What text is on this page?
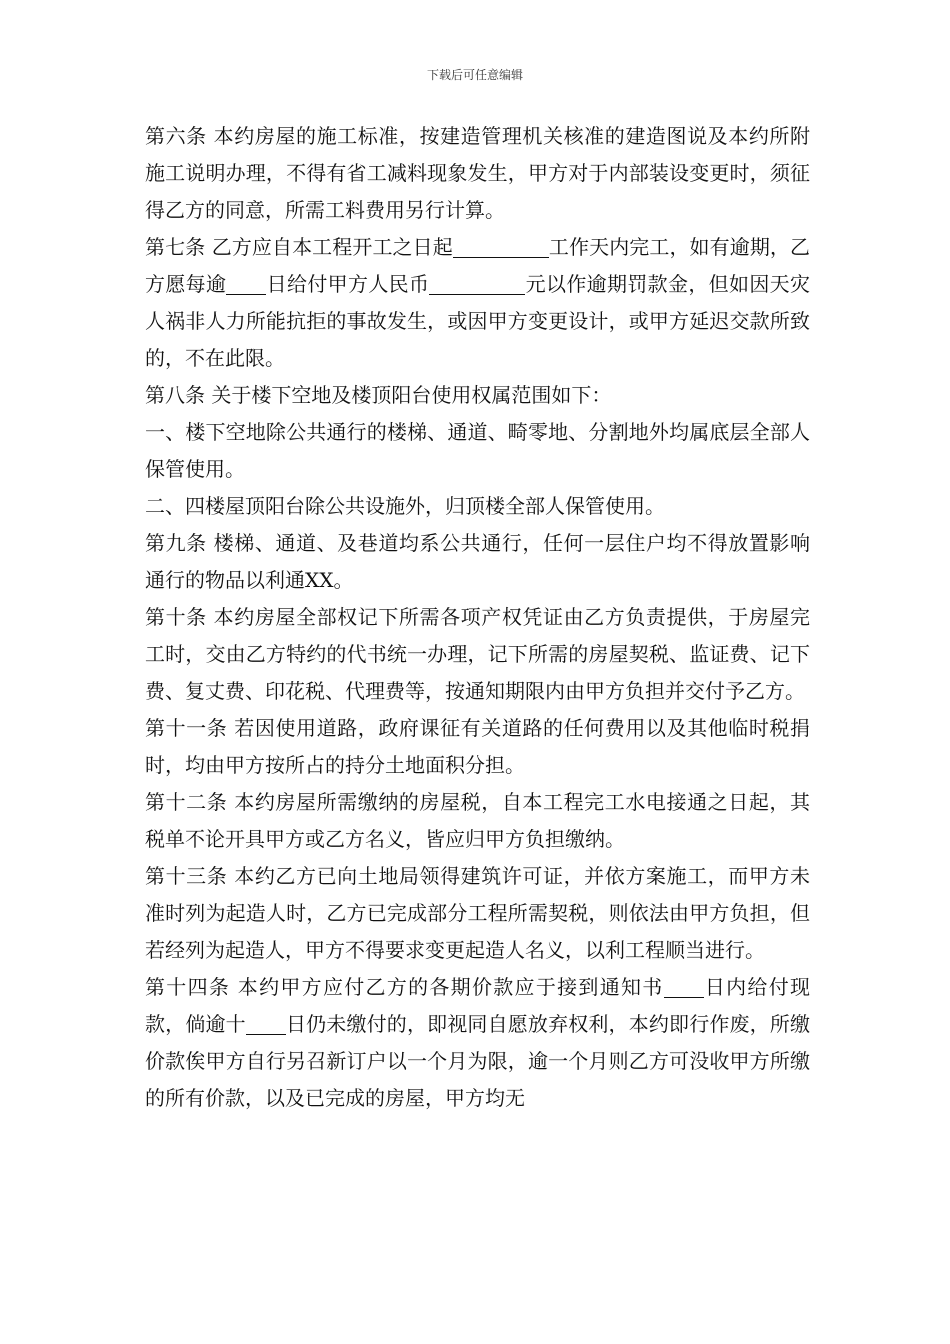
下载后可任意编辑

第六条 本约房屋的施工标准，按建造管理机关核准的建造图说及本约所附施工说明办理，不得有省工减料现象发生，甲方对于内部装设变更时，须征得乙方的同意，所需工料费用另行计算。

第七条 乙方应自本工程开工之日起	工作天内完工，如有逾期，乙方愿每逾 日给付甲方人民币	元以作逾期罚款金，但如因天灾人祸非人力所能抗拒的事故发生，或因甲方变更设计，或甲方延迟交款所致的，不在此限。

第八条 关于楼下空地及楼顶阳台使用权属范围如下：

一、楼下空地除公共通行的楼梯、通道、畸零地、分割地外均属底层全部人保管使用。

二、四楼屋顶阳台除公共设施外，归顶楼全部人保管使用。

第九条 楼梯、通道、及巷道均系公共通行，任何一层住户均不得放置影响通行的物品以利通XX。

第十条 本约房屋全部权记下所需各项产权凭证由乙方负责提供，于房屋完工时，交由乙方特约的代书统一办理，记下所需的房屋契税、监证费、记下费、复丈费、印花税、代理费等，按通知期限内由甲方负担并交付予乙方。

第十一条 若因使用道路，政府课征有关道路的任何费用以及其他临时税捐时，均由甲方按所占的持分土地面积分担。

第十二条 本约房屋所需缴纳的房屋税，自本工程完工水电接通之日起，其税单不论开具甲方或乙方名义，皆应归甲方负担缴纳。

第十三条 本约乙方已向土地局领得建筑许可证，并依方案施工，而甲方未准时列为起造人时，乙方已完成部分工程所需契税，则依法由甲方负担，但若经列为起造人，甲方不得要求变更起造人名义，以利工程顺当进行。

第十四条 本约甲方应付乙方的各期价款应于接到通知书 日内给付现款，倘逾十 日仍未缴付的，即视同自愿放弃权利，本约即行作废，所缴价款俟甲方自行另召新订户以一个月为限，逾一个月则乙方可没收甲方所缴的所有价款，以及已完成的房屋，甲方均无
